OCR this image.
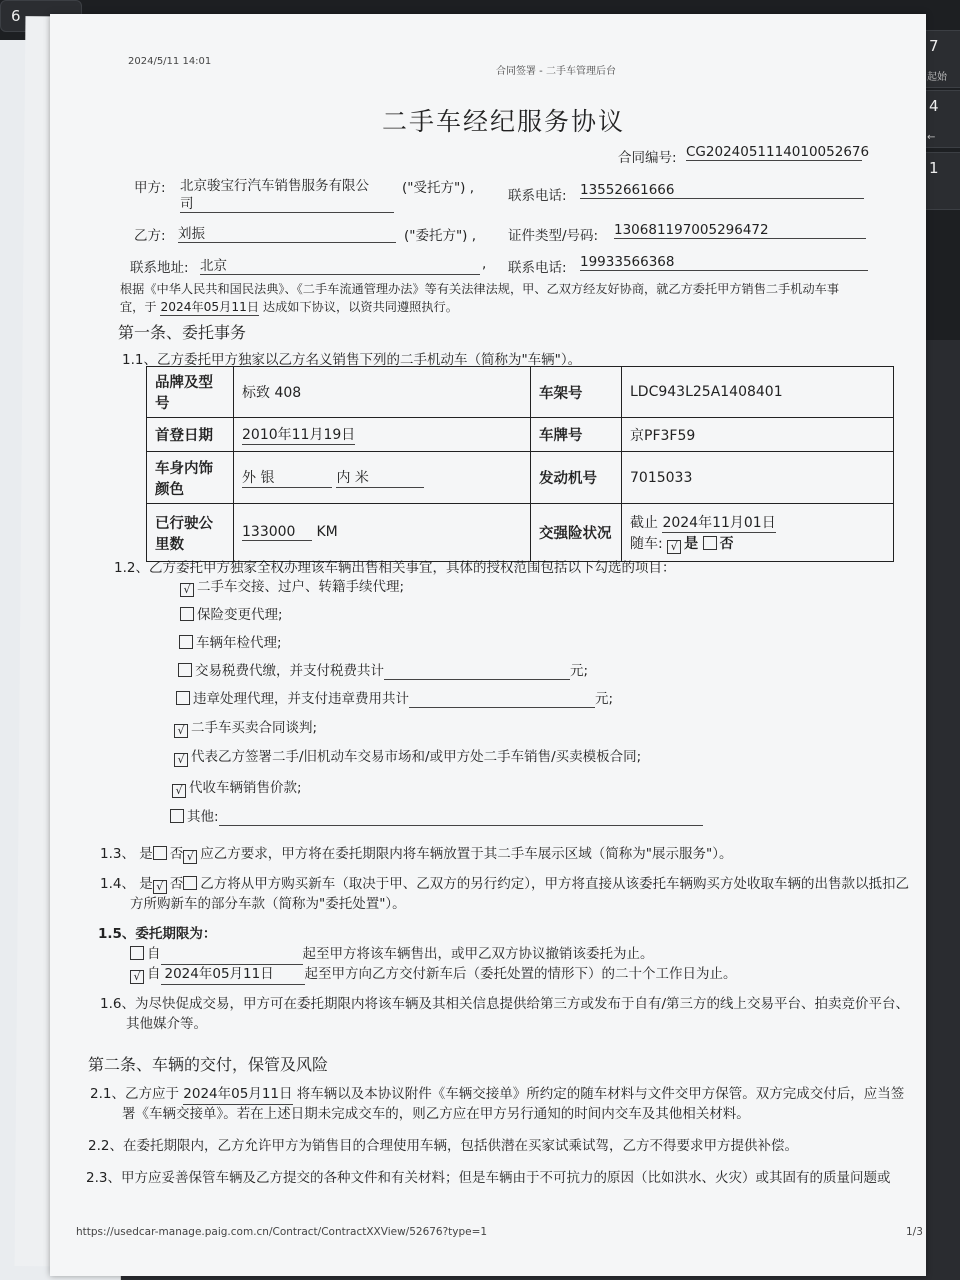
7
起始
4
←
1
6
2024/5/11 14:01
合同签署 - 二手车管理后台
二手车经纪服务协议
合同编号: CG2024051114010052676
甲方: 北京骏宝行汽车销售服务有限公
司
("受托方") ,	联系电话: 13552661666
乙方: 刘振	("委托方") , 证件类型/号码: 130681197005296472
联系地址: 北京	, 联系电话: 19933566368
根据《中华人民共和国民法典》、《二手车流通管理办法》等有关法律法规，甲、乙双方经友好协商，就乙方委托甲方销售二手机动车事
宜，于 2024年05月11日 达成如下协议，以资共同遵照执行。
第一条、委托事务
1.1、乙方委托甲方独家以乙方名义销售下列的二手机动车（简称为"车辆"）。
品牌及型号	标致 408	车架号	LDC943L25A1408401
首登日期	2010年11月19日	车牌号	京PF3F59
车身内饰颜色	外 银 内 米	发动机号	7015033
已行驶公里数	133000 KM	交强险状况	截止 2024年11月01日
随车: √ 是 否
1.2、乙方委托甲方独家全权办理该车辆出售相关事宜，具体的授权范围包括以下勾选的项目：
√ 二手车交接、过户、转籍手续代理;
保险变更代理;
车辆年检代理;
交易税费代缴，并支付税费共计	元;
违章处理代理，并支付违章费用共计	元;
√ 二手车买卖合同谈判;
√ 代表乙方签署二手/旧机动车交易市场和/或甲方处二手车销售/买卖模板合同;
√ 代收车辆销售价款;
其他:
1.3、 是 否 √ 应乙方要求，甲方将在委托期限内将车辆放置于其二手车展示区域（简称为"展示服务"）。
1.4、 是 √ 否 乙方将从甲方购买新车（取决于甲、乙双方的另行约定），甲方将直接从该委托车辆购买方处收取车辆的出售款以抵扣乙
方所购新车的部分车款（简称为"委托处置"）。
1.5、委托期限为：
自	起至甲方将该车辆售出，或甲乙双方协议撤销该委托为止。
√ 自 2024年05月11日 起至甲方向乙方交付新车后（委托处置的情形下）的二十个工作日为止。
1.6、为尽快促成交易，甲方可在委托期限内将该车辆及其相关信息提供给第三方或发布于自有/第三方的线上交易平台、拍卖竞价平台、
其他媒介等。
第二条、车辆的交付，保管及风险
2.1、乙方应于 2024年05月11日 将车辆以及本协议附件《车辆交接单》所约定的随车材料与文件交甲方保管。双方完成交付后，应当签
署《车辆交接单》。若在上述日期未完成交车的，则乙方应在甲方另行通知的时间内交车及其他相关材料。
2.2、在委托期限内，乙方允许甲方为销售目的合理使用车辆，包括供潜在买家试乘试驾，乙方不得要求甲方提供补偿。
2.3、甲方应妥善保管车辆及乙方提交的各种文件和有关材料；但是车辆由于不可抗力的原因（比如洪水、火灾）或其固有的质量问题或
https://usedcar-manage.paig.com.cn/Contract/ContractXXView/52676?type=1	1/3
